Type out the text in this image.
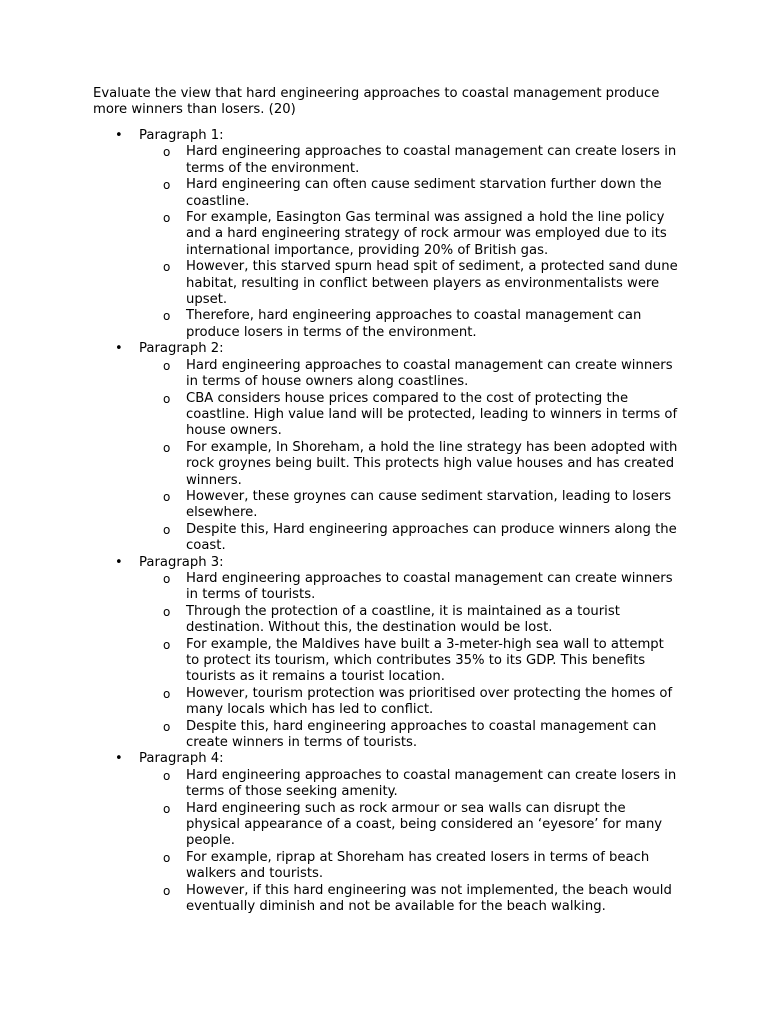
Evaluate the view that hard engineering approaches to coastal management produce more winners than losers. (20)

• Paragraph 1:
o Hard engineering approaches to coastal management can create losers in terms of the environment.
o Hard engineering can often cause sediment starvation further down the coastline.
o For example, Easington Gas terminal was assigned a hold the line policy and a hard engineering strategy of rock armour was employed due to its international importance, providing 20% of British gas.
o However, this starved spurn head spit of sediment, a protected sand dune habitat, resulting in conflict between players as environmentalists were upset.
o Therefore, hard engineering approaches to coastal management can produce losers in terms of the environment.
• Paragraph 2:
o Hard engineering approaches to coastal management can create winners in terms of house owners along coastlines.
o CBA considers house prices compared to the cost of protecting the coastline. High value land will be protected, leading to winners in terms of house owners.
o For example, In Shoreham, a hold the line strategy has been adopted with rock groynes being built. This protects high value houses and has created winners.
o However, these groynes can cause sediment starvation, leading to losers elsewhere.
o Despite this, Hard engineering approaches can produce winners along the coast.
• Paragraph 3:
o Hard engineering approaches to coastal management can create winners in terms of tourists.
o Through the protection of a coastline, it is maintained as a tourist destination. Without this, the destination would be lost.
o For example, the Maldives have built a 3-meter-high sea wall to attempt to protect its tourism, which contributes 35% to its GDP. This benefits tourists as it remains a tourist location.
o However, tourism protection was prioritised over protecting the homes of many locals which has led to conflict.
o Despite this, hard engineering approaches to coastal management can create winners in terms of tourists.
• Paragraph 4:
o Hard engineering approaches to coastal management can create losers in terms of those seeking amenity.
o Hard engineering such as rock armour or sea walls can disrupt the physical appearance of a coast, being considered an ‘eyesore’ for many people.
o For example, riprap at Shoreham has created losers in terms of beach walkers and tourists.
o However, if this hard engineering was not implemented, the beach would eventually diminish and not be available for the beach walking.
